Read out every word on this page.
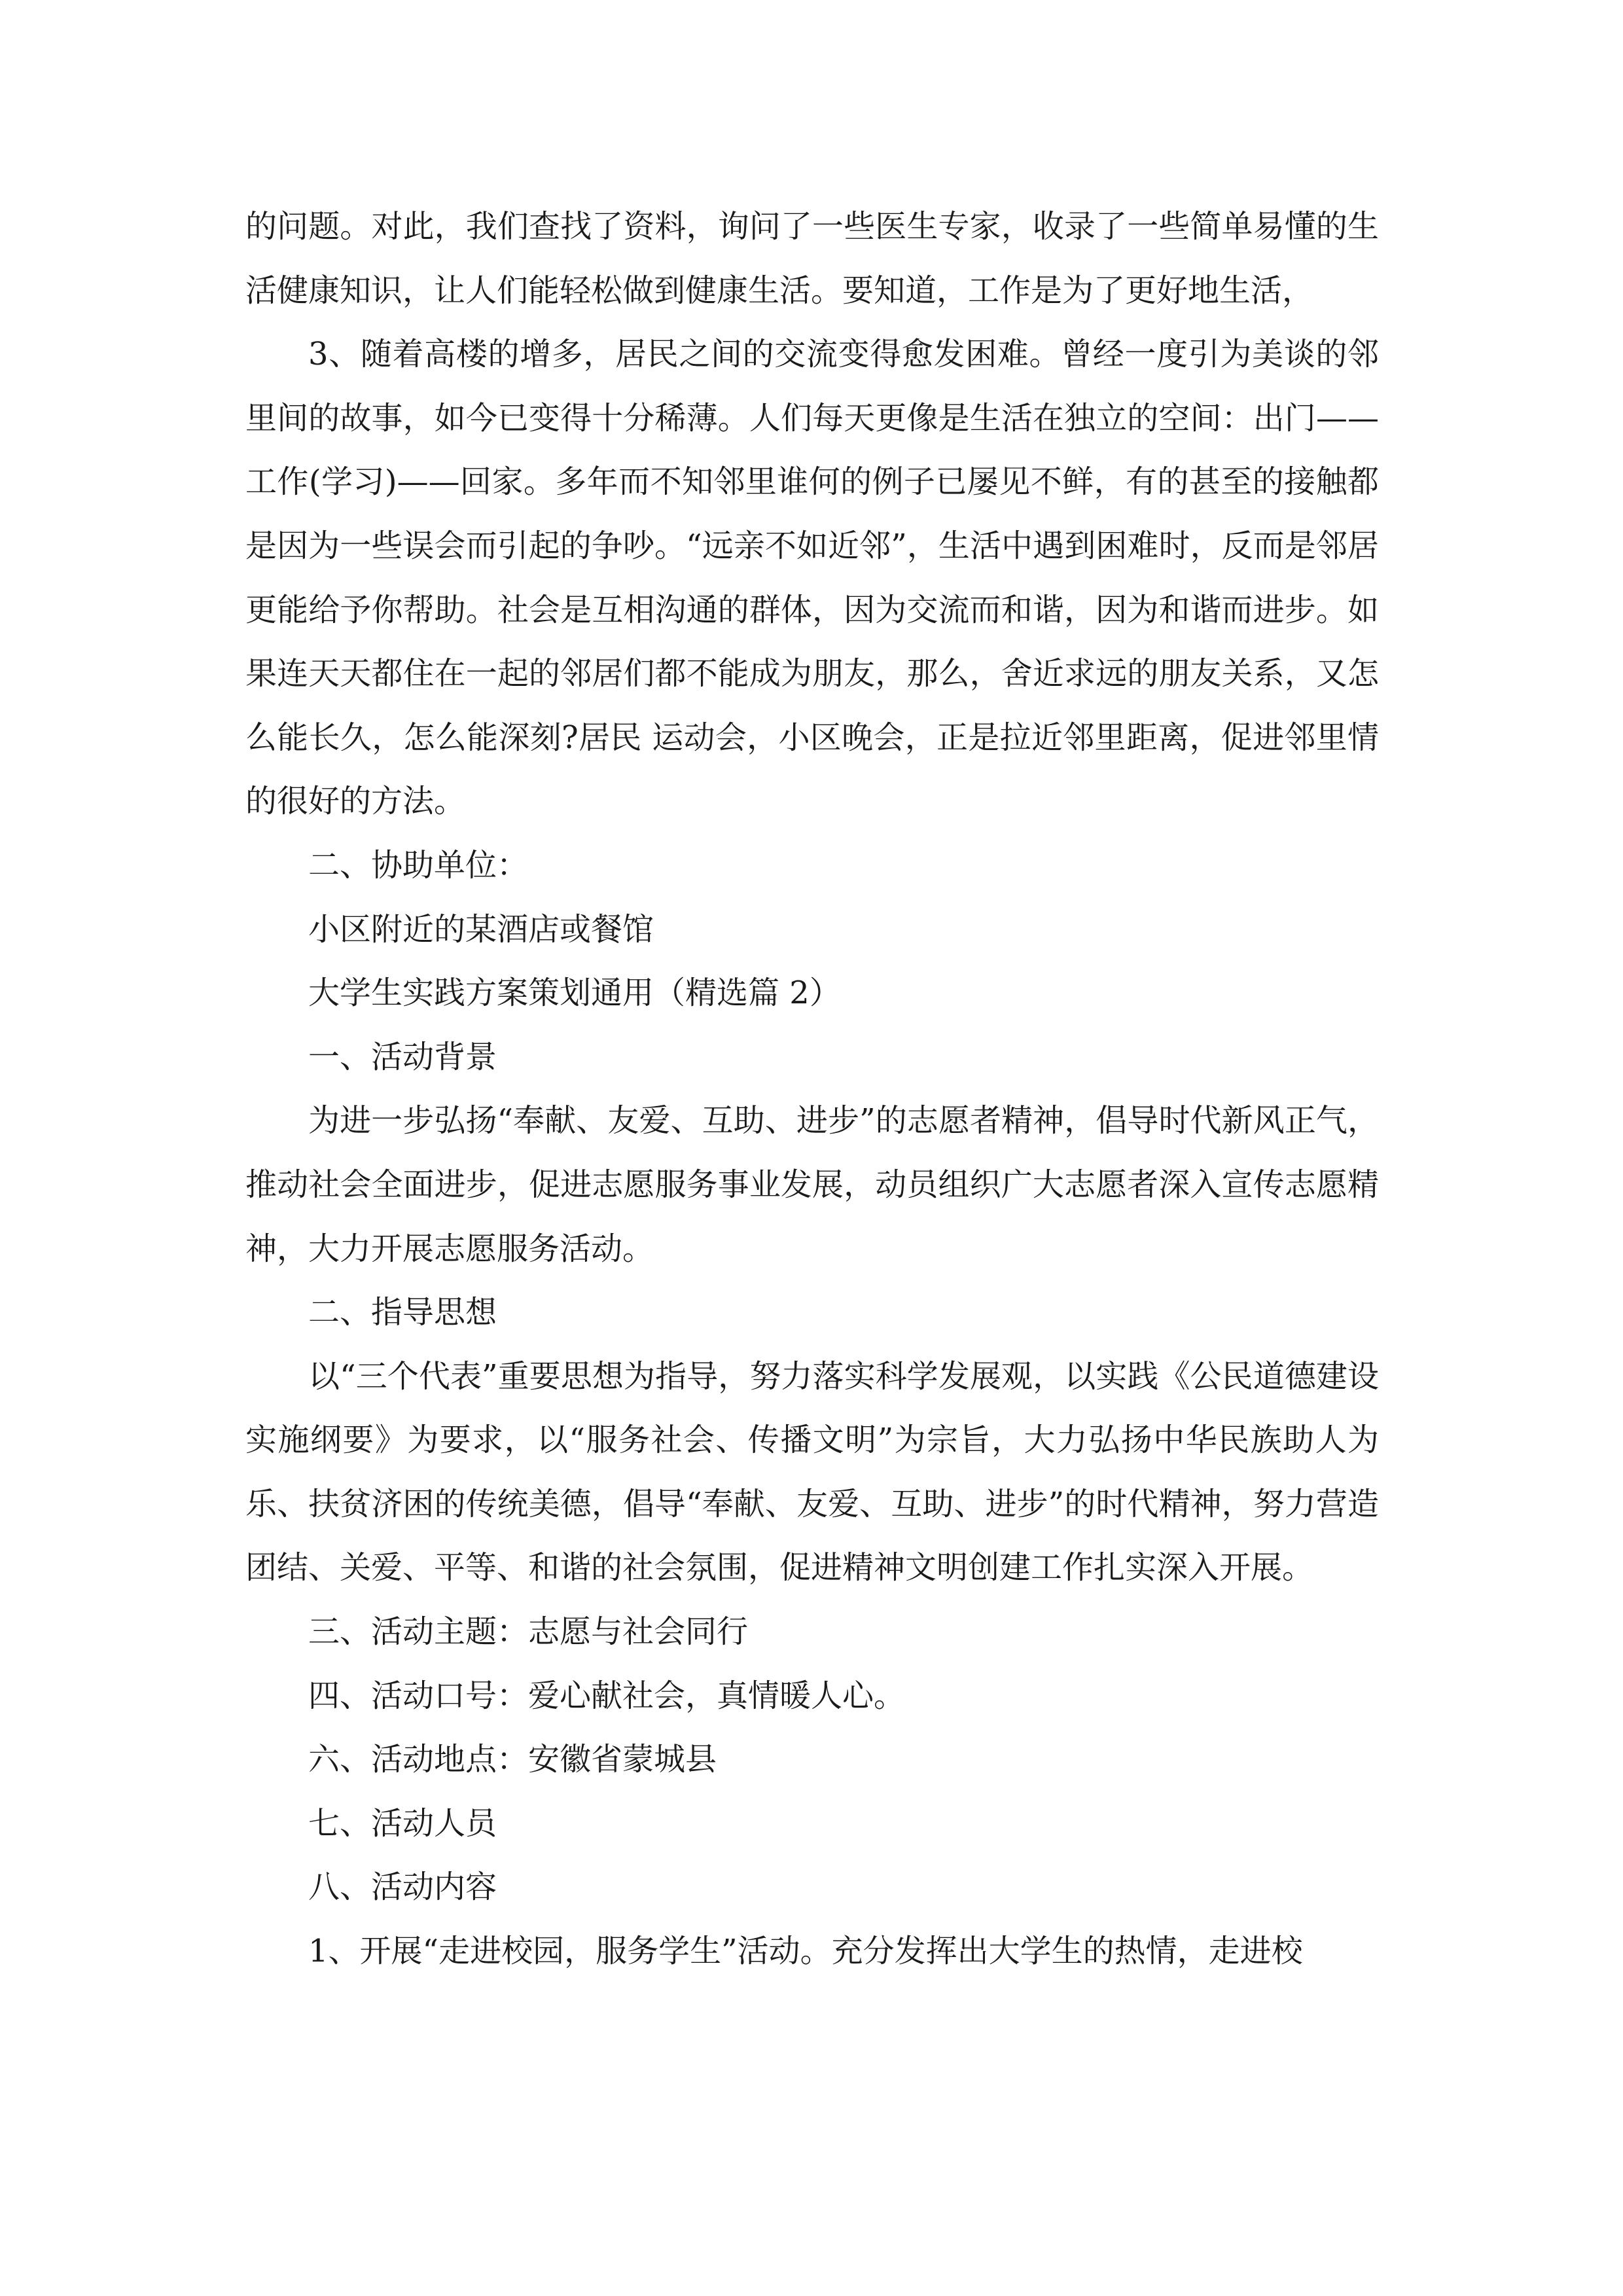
的问题。对此，我们查找了资料，询问了一些医生专家，收录了一些简单易懂的生活健康知识，让人们能轻松做到健康生活。要知道，工作是为了更好地生活，

3、随着高楼的增多，居民之间的交流变得愈发困难。曾经一度引为美谈的邻里间的故事，如今已变得十分稀薄。人们每天更像是生活在独立的空间：出门——工作(学习)——回家。多年而不知邻里谁何的例子已屡见不鲜，有的甚至的接触都是因为一些误会而引起的争吵。“远亲不如近邻”，生活中遇到困难时，反而是邻居更能给予你帮助。社会是互相沟通的群体，因为交流而和谐，因为和谐而进步。如果连天天都住在一起的邻居们都不能成为朋友，那么，舍近求远的朋友关系，又怎么能长久，怎么能深刻?居民 运动会，小区晚会，正是拉近邻里距离，促进邻里情的很好的方法。

二、协助单位：

小区附近的某酒店或餐馆

大学生实践方案策划通用（精选篇 2）

一、活动背景

为进一步弘扬“奉献、友爱、互助、进步”的志愿者精神，倡导时代新风正气，推动社会全面进步，促进志愿服务事业发展，动员组织广大志愿者深入宣传志愿精神，大力开展志愿服务活动。

二、指导思想

以“三个代表”重要思想为指导，努力落实科学发展观，以实践《公民道德建设实施纲要》为要求，以“服务社会、传播文明”为宗旨，大力弘扬中华民族助人为乐、扶贫济困的传统美德，倡导“奉献、友爱、互助、进步”的时代精神，努力营造团结、关爱、平等、和谐的社会氛围，促进精神文明创建工作扎实深入开展。

三、活动主题：志愿与社会同行

四、活动口号：爱心献社会，真情暖人心。

六、活动地点：安徽省蒙城县

七、活动人员

八、活动内容

1、开展“走进校园，服务学生”活动。充分发挥出大学生的热情，走进校
